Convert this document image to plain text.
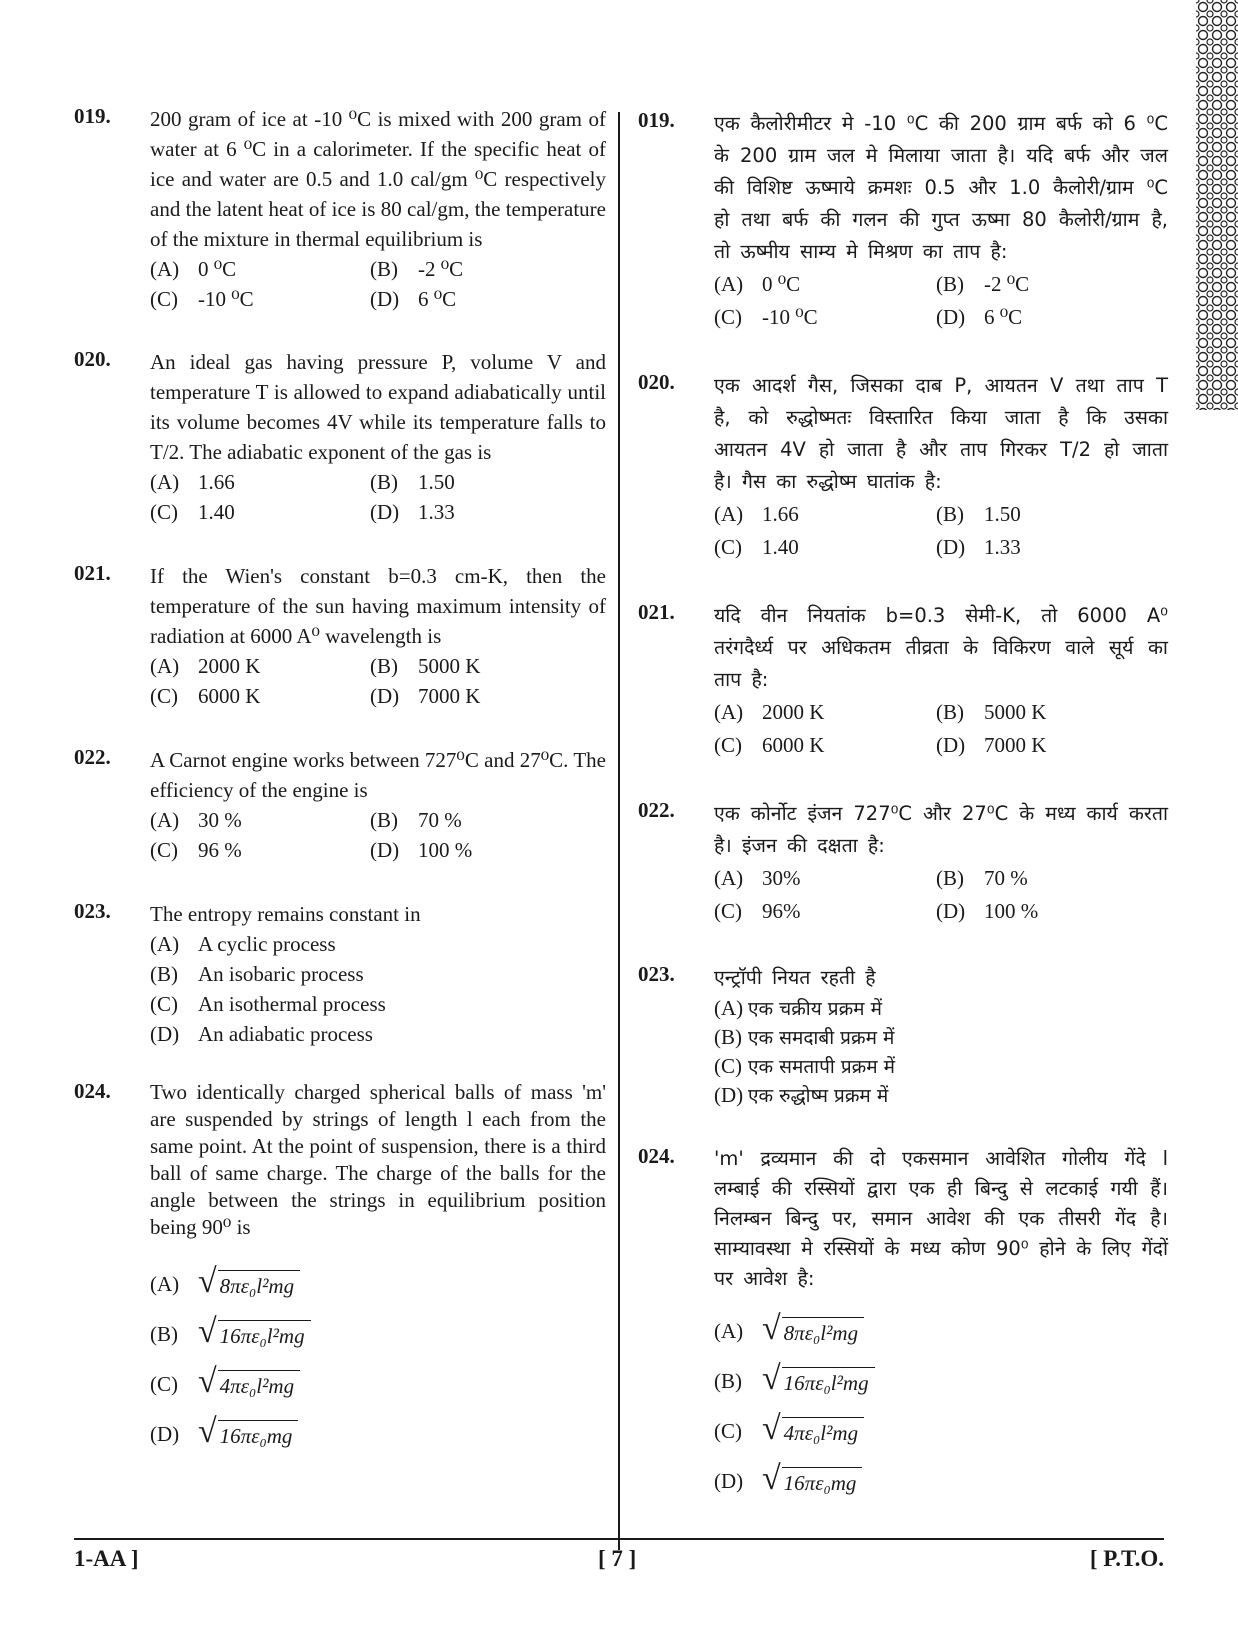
019.	200 gram of ice at -10 ⁰C is mixed with 200 gram of water at 6 ⁰C in a calorimeter. If the specific heat of ice and water are 0.5 and 1.0 cal/gm ⁰C respectively and the latent heat of ice is 80 cal/gm, the temperature of the mixture in thermal equilibrium is
(A) 0 ⁰C	(B) -2 ⁰C
(C) -10 ⁰C	(D) 6 ⁰C
020.	An ideal gas having pressure P, volume V and temperature T is allowed to expand adiabatically until its volume becomes 4V while its temperature falls to T/2. The adiabatic exponent of the gas is
(A) 1.66	(B) 1.50
(C) 1.40	(D) 1.33
021.	If the Wien's constant b=0.3 cm-K, then the temperature of the sun having maximum intensity of radiation at 6000 A⁰ wavelength is
(A) 2000 K	(B) 5000 K
(C) 6000 K	(D) 7000 K
022.	A Carnot engine works between 727⁰C and 27⁰C. The efficiency of the engine is
(A) 30 %	(B) 70 %
(C) 96 %	(D) 100 %
023.	The entropy remains constant in
(A) A cyclic process
(B) An isobaric process
(C) An isothermal process
(D) An adiabatic process
024.	Two identically charged spherical balls of mass 'm' are suspended by strings of length l each from the same point. At the point of suspension, there is a third ball of same charge. The charge of the balls for the angle between the strings in equilibrium position being 90⁰ is
(A) √ 8πε₀l²mg
(B) √ 16πε₀l²mg
(C) √ 4πε₀l²mg
(D) √ 16πε₀mg
019.	एक कैलोरीमीटर मे -10 ⁰C की 200 ग्राम बर्फ को 6 ⁰C के 200 ग्राम जल मे मिलाया जाता है। यदि बर्फ और जल की विशिष्ट ऊष्माये क्रमशः 0.5 और 1.0 कैलोरी/ग्राम ⁰C हो तथा बर्फ की गलन की गुप्त ऊष्मा 80 कैलोरी/ग्राम है, तो ऊष्मीय साम्य मे मिश्रण का ताप है:
(A) 0 ⁰C	(B) -2 ⁰C
(C) -10 ⁰C	(D) 6 ⁰C
020.	एक आदर्श गैस, जिसका दाब P, आयतन V तथा ताप T है, को रुद्धोष्मतः विस्तारित किया जाता है कि उसका आयतन 4V हो जाता है और ताप गिरकर T/2 हो जाता है। गैस का रुद्धोष्म घातांक है:
(A) 1.66	(B) 1.50
(C) 1.40	(D) 1.33
021.	यदि वीन नियतांक b=0.3 सेमी-K, तो 6000 A⁰ तरंगदैर्ध्य पर अधिकतम तीव्रता के विकिरण वाले सूर्य का ताप है:
(A) 2000 K	(B) 5000 K
(C) 6000 K	(D) 7000 K
022.	एक कोर्नोट इंजन 727⁰C और 27⁰C के मध्य कार्य करता है। इंजन की दक्षता है:
(A) 30%	(B) 70 %
(C) 96%	(D) 100 %
023.	एन्ट्रॉपी नियत रहती है
(A) एक चक्रीय प्रक्रम में
(B) एक समदाबी प्रक्रम में
(C) एक समतापी प्रक्रम में
(D) एक रुद्धोष्म प्रक्रम में
024.	'm' द्रव्यमान की दो एकसमान आवेशित गोलीय गेंदे l लम्बाई की रस्सियों द्वारा एक ही बिन्दु से लटकाई गयी हैं। निलम्बन बिन्दु पर, समान आवेश की एक तीसरी गेंद है। साम्यावस्था मे रस्सियों के मध्य कोण 90⁰ होने के लिए गेंदों पर आवेश है:
(A) √ 8πε₀l²mg
(B) √ 16πε₀l²mg
(C) √ 4πε₀l²mg
(D) √ 16πε₀mg
1-AA ]	[ 7 ]	[ P.T.O.
